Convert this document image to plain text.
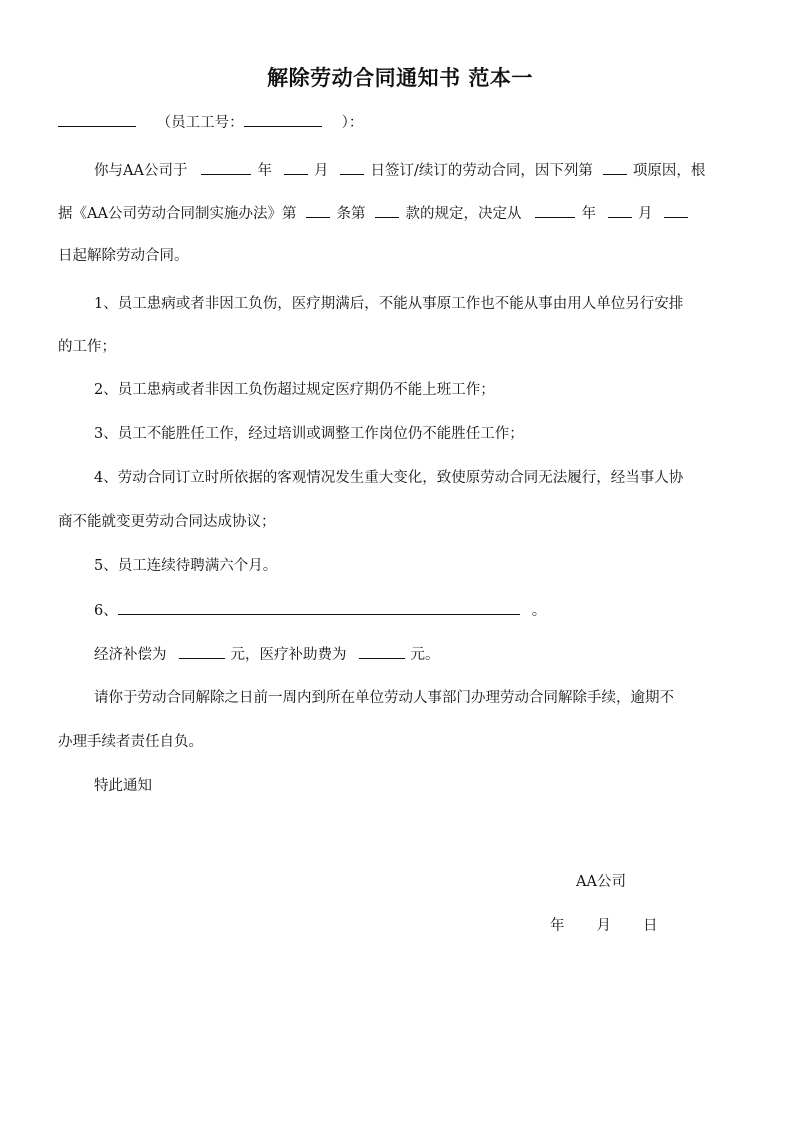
解除劳动合同通知书 范本一
（员工工号：	）：
你与AA公司于	年	月	日签订/续订的劳动合同，因下列第	项原因，根
据《AA公司劳动合同制实施办法》第	条第	款的规定，决定从	年	月
日起解除劳动合同。
1、员工患病或者非因工负伤，医疗期满后，不能从事原工作也不能从事由用人单位另行安排
的工作；
2、员工患病或者非因工负伤超过规定医疗期仍不能上班工作；
3、员工不能胜任工作，经过培训或调整工作岗位仍不能胜任工作；
4、劳动合同订立时所依据的客观情况发生重大变化，致使原劳动合同无法履行，经当事人协
商不能就变更劳动合同达成协议；
5、员工连续待聘满六个月。
6、	。
经济补偿为	元，医疗补助费为	元。
请你于劳动合同解除之日前一周内到所在单位劳动人事部门办理劳动合同解除手续，逾期不
办理手续者责任自负。
特此通知
AA公司
年 月 日
